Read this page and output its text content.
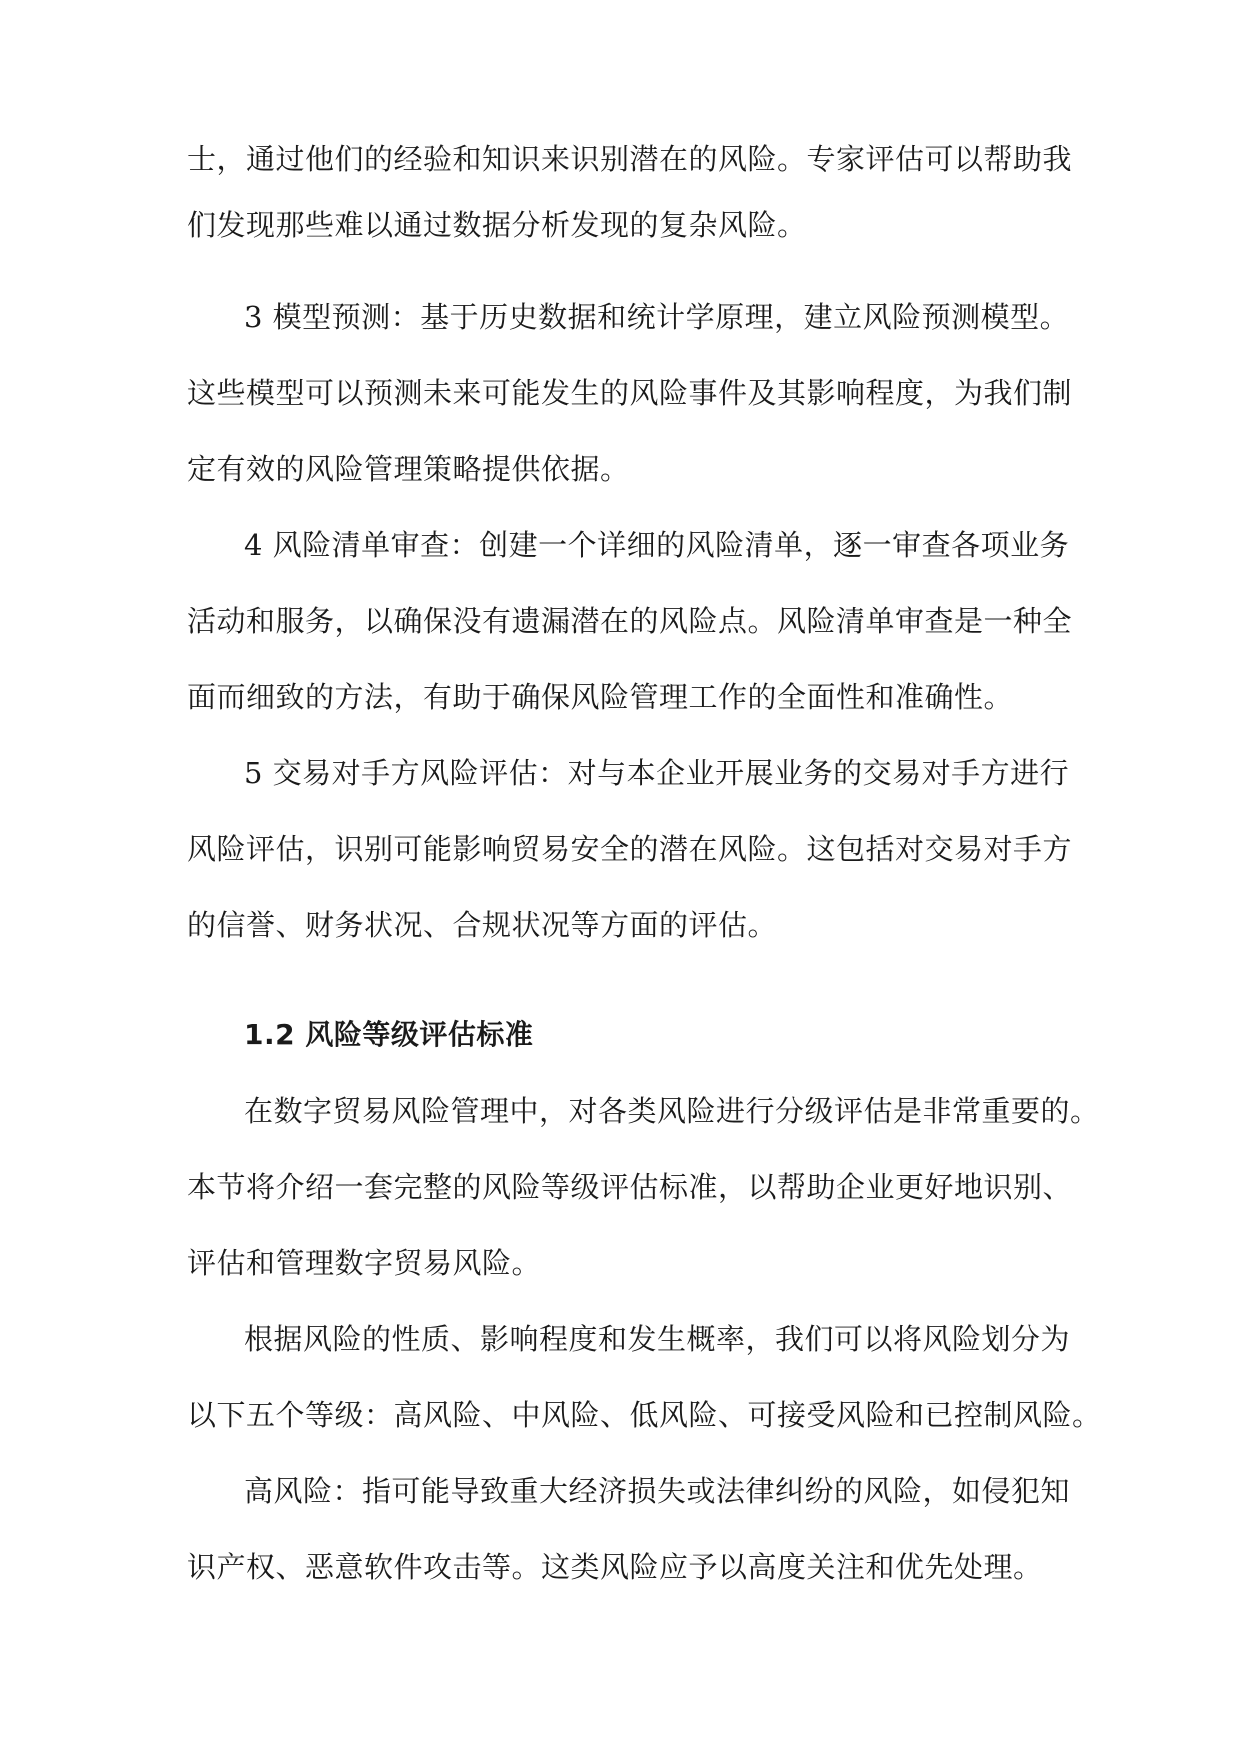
士，通过他们的经验和知识来识别潜在的风险。专家评估可以帮助我

们发现那些难以通过数据分析发现的复杂风险。

3 模型预测：基于历史数据和统计学原理，建立风险预测模型。

这些模型可以预测未来可能发生的风险事件及其影响程度，为我们制

定有效的风险管理策略提供依据。

4 风险清单审查：创建一个详细的风险清单，逐一审查各项业务

活动和服务，以确保没有遗漏潜在的风险点。风险清单审查是一种全

面而细致的方法，有助于确保风险管理工作的全面性和准确性。

5 交易对手方风险评估：对与本企业开展业务的交易对手方进行

风险评估，识别可能影响贸易安全的潜在风险。这包括对交易对手方

的信誉、财务状况、合规状况等方面的评估。

1.2 风险等级评估标准

在数字贸易风险管理中，对各类风险进行分级评估是非常重要的。

本节将介绍一套完整的风险等级评估标准，以帮助企业更好地识别、

评估和管理数字贸易风险。

根据风险的性质、影响程度和发生概率，我们可以将风险划分为

以下五个等级：高风险、中风险、低风险、可接受风险和已控制风险。

高风险：指可能导致重大经济损失或法律纠纷的风险，如侵犯知

识产权、恶意软件攻击等。这类风险应予以高度关注和优先处理。
